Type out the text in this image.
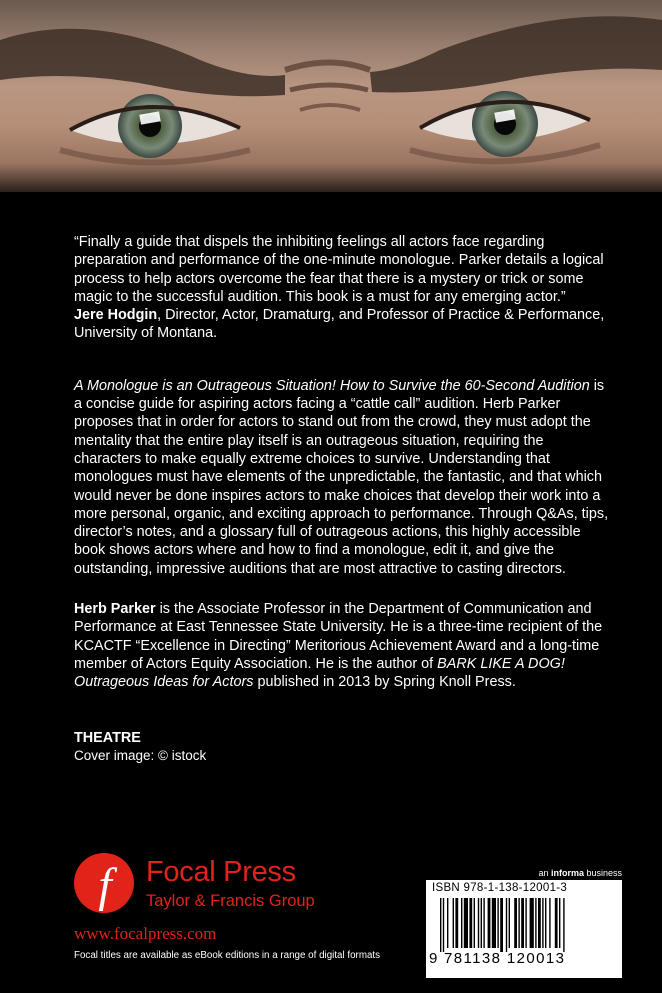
“Finally a guide that dispels the inhibiting feelings all actors face regarding preparation and performance of the one-minute monologue. Parker details a logical process to help actors overcome the fear that there is a mystery or trick or some magic to the successful audition. This book is a must for any emerging actor.”

Jere Hodgin, Director, Actor, Dramaturg, and Professor of Practice & Performance, University of Montana.

A Monologue is an Outrageous Situation! How to Survive the 60-Second Audition is a concise guide for aspiring actors facing a “cattle call” audition. Herb Parker proposes that in order for actors to stand out from the crowd, they must adopt the mentality that the entire play itself is an outrageous situation, requiring the characters to make equally extreme choices to survive. Understanding that monologues must have elements of the unpredictable, the fantastic, and that which would never be done inspires actors to make choices that develop their work into a more personal, organic, and exciting approach to performance. Through Q&As, tips, director’s notes, and a glossary full of outrageous actions, this highly accessible book shows actors where and how to find a monologue, edit it, and give the outstanding, impressive auditions that are most attractive to casting directors.

Herb Parker is the Associate Professor in the Department of Communication and Performance at East Tennessee State University. He is a three-time recipient of the KCACTF “Excellence in Directing” Meritorious Achievement Award and a long-time member of Actors Equity Association. He is the author of BARK LIKE A DOG! Outrageous Ideas for Actors published in 2013 by Spring Knoll Press.

THEATRE

Cover image: © istock

f Focal Press
Taylor & Francis Group
www.focalpress.com
Focal titles are available as eBook editions in a range of digital formats
an informa business
ISBN 978-1-138-12001-3
9 781138 120013
